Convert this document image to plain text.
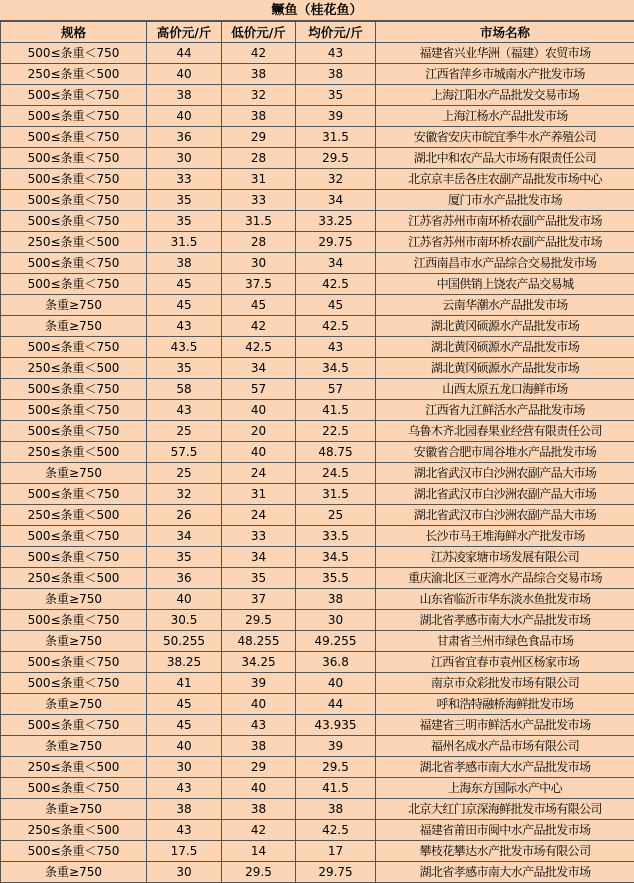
鳜鱼（桂花鱼）
规格	高价元/斤	低价元/斤	均价元/斤	市场名称
500≤条重＜750	44	42	43	福建省兴业华洲（福建）农贸市场
250≤条重＜500	40	38	38	江西省萍乡市城南水产批发市场
500≤条重＜750	38	32	35	上海江阳水产品批发交易市场
500≤条重＜750	40	38	39	上海江杨水产品批发市场
500≤条重＜750	36	29	31.5	安徽省安庆市皖宜季牛水产养殖公司
500≤条重＜750	30	28	29.5	湖北中和农产品大市场有限责任公司
500≤条重＜750	33	31	32	北京京丰岳各庄农副产品批发市场中心
500≤条重＜750	35	33	34	厦门市水产品批发市场
500≤条重＜750	35	31.5	33.25	江苏省苏州市南环桥农副产品批发市场
250≤条重＜500	31.5	28	29.75	江苏省苏州市南环桥农副产品批发市场
500≤条重＜750	38	30	34	江西南昌市水产品综合交易批发市场
500≤条重＜750	45	37.5	42.5	中国供销上饶农产品交易城
条重≥750	45	45	45	云南华潮水产品批发市场
条重≥750	43	42	42.5	湖北黄冈硕源水产品批发市场
500≤条重＜750	43.5	42.5	43	湖北黄冈硕源水产品批发市场
250≤条重＜500	35	34	34.5	湖北黄冈硕源水产品批发市场
500≤条重＜750	58	57	57	山西太原五龙口海鲜市场
500≤条重＜750	43	40	41.5	江西省九江鲜活水产品批发市场
500≤条重＜750	25	20	22.5	乌鲁木齐北园春果业经营有限责任公司
250≤条重＜500	57.5	40	48.75	安徽省合肥市周谷堆水产品批发市场
条重≥750	25	24	24.5	湖北省武汉市白沙洲农副产品大市场
500≤条重＜750	32	31	31.5	湖北省武汉市白沙洲农副产品大市场
250≤条重＜500	26	24	25	湖北省武汉市白沙洲农副产品大市场
500≤条重＜750	34	33	33.5	长沙市马王堆海鲜水产批发市场
500≤条重＜750	35	34	34.5	江苏凌家塘市场发展有限公司
250≤条重＜500	36	35	35.5	重庆渝北区三亚湾水产品综合交易市场
条重≥750	40	37	38	山东省临沂市华东淡水鱼批发市场
500≤条重＜750	30.5	29.5	30	湖北省孝感市南大水产品批发市场
条重≥750	50.255	48.255	49.255	甘肃省兰州市绿色食品市场
500≤条重＜750	38.25	34.25	36.8	江西省宜春市袁州区杨家市场
500≤条重＜750	41	39	40	南京市众彩批发市场有限公司
条重≥750	45	40	44	呼和浩特融桥海鲜批发市场
500≤条重＜750	45	43	43.935	福建省三明市鲜活水产品批发市场
条重≥750	40	38	39	福州名成水产品市场有限公司
250≤条重＜500	30	29	29.5	湖北省孝感市南大水产品批发市场
500≤条重＜750	43	40	41.5	上海东方国际水产中心
条重≥750	38	38	38	北京大红门京深海鲜批发市场有限公司
250≤条重＜500	43	42	42.5	福建省莆田市闽中水产品批发市场
500≤条重＜750	17.5	14	17	攀枝花攀达水产批发市场有限公司
条重≥750	30	29.5	29.75	湖北省孝感市南大水产品批发市场
